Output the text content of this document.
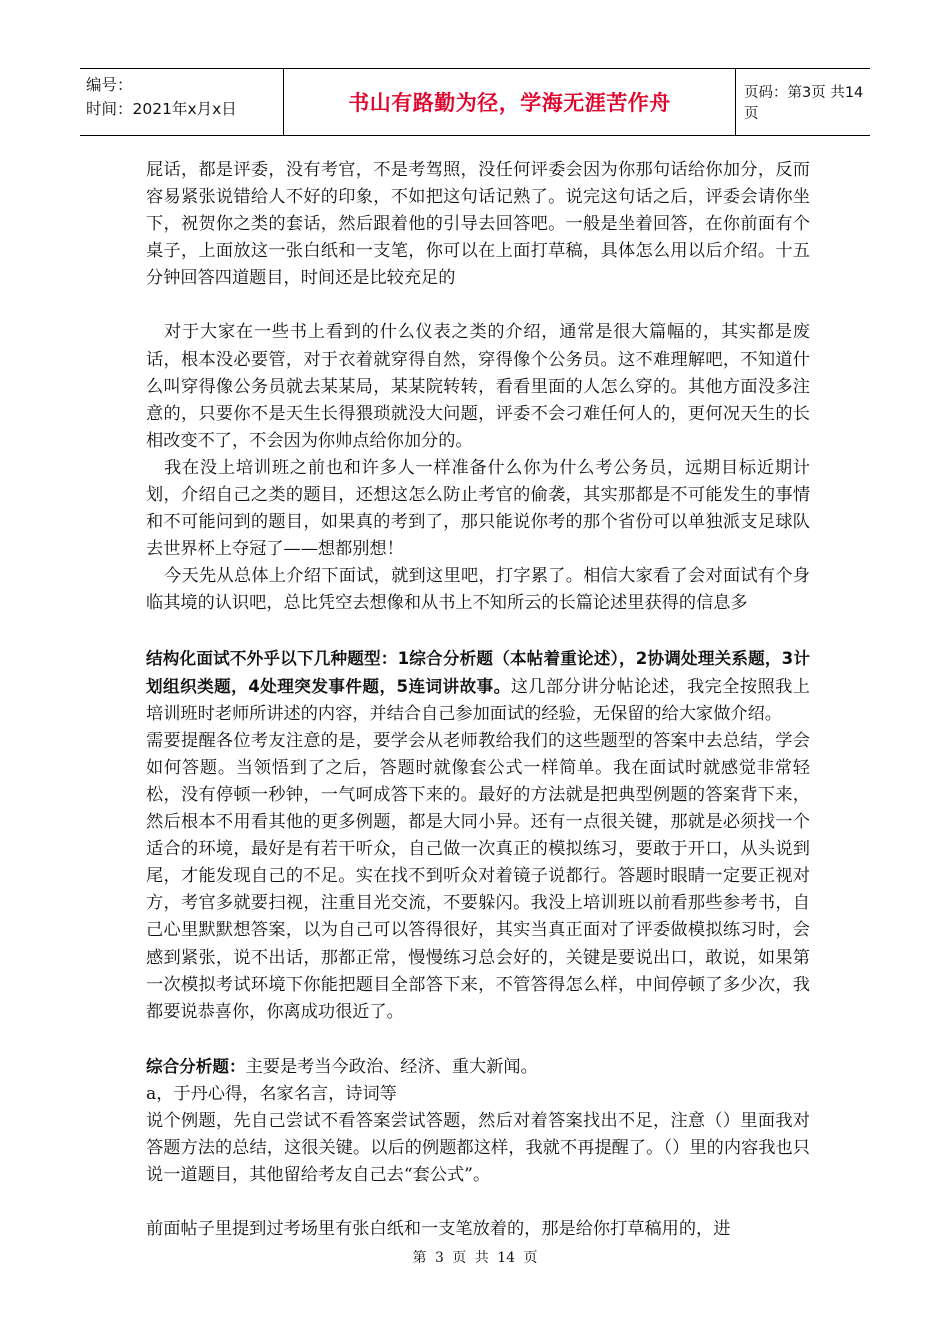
编号：
时间：2021年x月x日	书山有路勤为径，学海无涯苦作舟	页码：第3页 共14页

屁话，都是评委，没有考官，不是考驾照，没任何评委会因为你那句话给你加分，反而容易紧张说错给人不好的印象，不如把这句话记熟了。说完这句话之后，评委会请你坐下，祝贺你之类的套话，然后跟着他的引导去回答吧。一般是坐着回答，在你前面有个桌子，上面放这一张白纸和一支笔，你可以在上面打草稿，具体怎么用以后介绍。十五分钟回答四道题目，时间还是比较充足的

对于大家在一些书上看到的什么仪表之类的介绍，通常是很大篇幅的，其实都是废话，根本没必要管，对于衣着就穿得自然，穿得像个公务员。这不难理解吧，不知道什么叫穿得像公务员就去某某局，某某院转转，看看里面的人怎么穿的。其他方面没多注意的，只要你不是天生长得猥琐就没大问题，评委不会刁难任何人的，更何况天生的长相改变不了，不会因为你帅点给你加分的。

我在没上培训班之前也和许多人一样准备什么你为什么考公务员，远期目标近期计划，介绍自己之类的题目，还想这怎么防止考官的偷袭，其实那都是不可能发生的事情和不可能问到的题目，如果真的考到了，那只能说你考的那个省份可以单独派支足球队去世界杯上夺冠了——想都别想！

今天先从总体上介绍下面试，就到这里吧，打字累了。相信大家看了会对面试有个身临其境的认识吧，总比凭空去想像和从书上不知所云的长篇论述里获得的信息多

结构化面试不外乎以下几种题型：1综合分析题（本帖着重论述），2协调处理关系题，3计划组织类题，4处理突发事件题，5连词讲故事。这几部分讲分帖论述，我完全按照我上培训班时老师所讲述的内容，并结合自己参加面试的经验，无保留的给大家做介绍。

需要提醒各位考友注意的是，要学会从老师教给我们的这些题型的答案中去总结，学会如何答题。当领悟到了之后，答题时就像套公式一样简单。我在面试时就感觉非常轻松，没有停顿一秒钟，一气呵成答下来的。最好的方法就是把典型例题的答案背下来，然后根本不用看其他的更多例题，都是大同小异。还有一点很关键，那就是必须找一个适合的环境，最好是有若干听众，自己做一次真正的模拟练习，要敢于开口，从头说到尾，才能发现自己的不足。实在找不到听众对着镜子说都行。答题时眼睛一定要正视对方，考官多就要扫视，注重目光交流，不要躲闪。我没上培训班以前看那些参考书，自己心里默默想答案，以为自己可以答得很好，其实当真正面对了评委做模拟练习时，会感到紧张，说不出话，那都正常，慢慢练习总会好的，关键是要说出口，敢说，如果第一次模拟考试环境下你能把题目全部答下来，不管答得怎么样，中间停顿了多少次，我都要说恭喜你，你离成功很近了。

综合分析题：主要是考当今政治、经济、重大新闻。

a，于丹心得，名家名言，诗词等

说个例题，先自己尝试不看答案尝试答题，然后对着答案找出不足，注意（）里面我对答题方法的总结，这很关键。以后的例题都这样，我就不再提醒了。（）里的内容我也只说一道题目，其他留给考友自己去“套公式”。

前面帖子里提到过考场里有张白纸和一支笔放着的，那是给你打草稿用的，进

第 3 页 共 14 页
